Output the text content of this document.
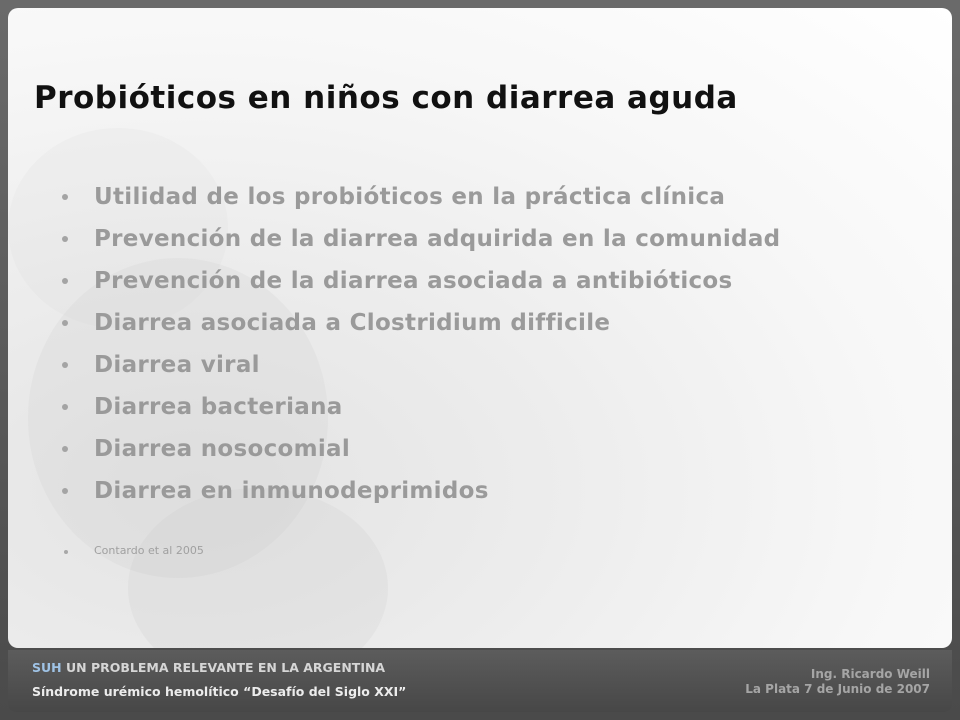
Probióticos en niños con diarrea aguda
Utilidad de los probióticos en la práctica clínica
Prevención de la diarrea adquirida en la comunidad
Prevención de la diarrea asociada a antibióticos
Diarrea asociada a Clostridium difficile
Diarrea viral
Diarrea bacteriana
Diarrea nosocomial
Diarrea en inmunodeprimidos
Contardo et al 2005
SUH UN PROBLEMA RELEVANTE EN LA ARGENTINA
Síndrome urémico hemolítico “Desafío del Siglo XXI”
Ing. Ricardo Weill
La Plata 7 de Junio de 2007
